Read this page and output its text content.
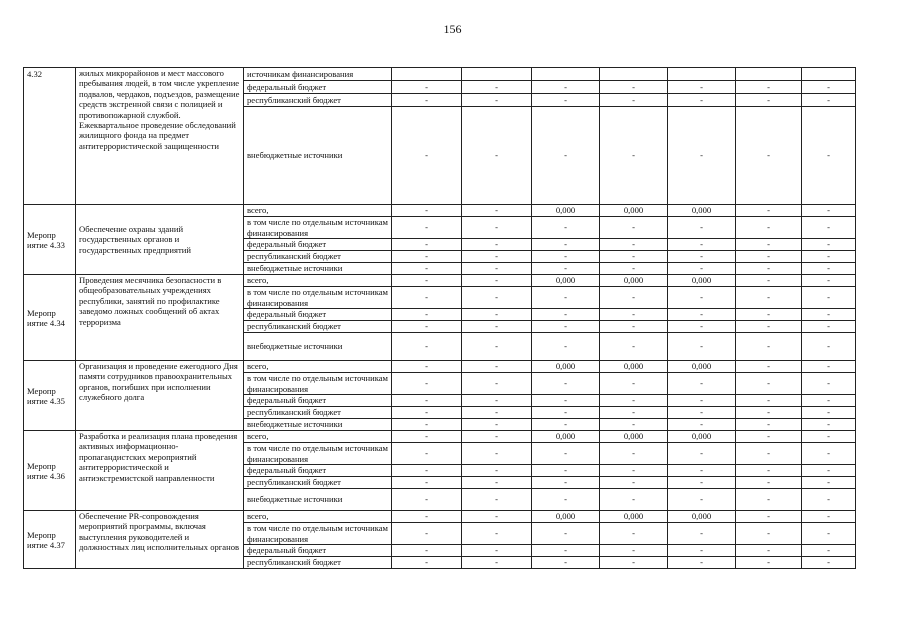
156
4.32	жилых микрорайонов и мест массового пребывания людей, в том числе укрепление подвалов, чердаков, подъездов, размещение средств экстренной связи с полицией и противопожарной службой. Ежеквартальное проведение обследований жилищного фонда на предмет антитеррористической защищенности	источникам финансирования							
		федеральный бюджет	-	-	-	-	-	-	-
		республиканский бюджет	-	-	-	-	-	-	-
		внебюджетные источники	-	-	-	-	-	-	-
Меропр иятие 4.33	Обеспечение охраны зданий государственных органов и государственных предприятий	всего,	-	-	0,000	0,000	0,000	-	-
		в том числе по отдельным источникам финансирования	-	-	-	-	-	-	-
		федеральный бюджет	-	-	-	-	-	-	-
		республиканский бюджет	-	-	-	-	-	-	-
		внебюджетные источники	-	-	-	-	-	-	-
Меропр иятие 4.34	Проведения месячника безопасности в общеобразовательных учреждениях республики, занятий по профилактике заведомо ложных сообщений об актах терроризма	всего,	-	-	0,000	0,000	0,000	-	-
		в том числе по отдельным источникам финансирования	-	-	-	-	-	-	-
		федеральный бюджет	-	-	-	-	-	-	-
		республиканский бюджет	-	-	-	-	-	-	-
		внебюджетные источники	-	-	-	-	-	-	-
Меропр иятие 4.35	Организация и проведение ежегодного Дня памяти сотрудников правоохранительных органов, погибших при исполнении служебного долга	всего,	-	-	0,000	0,000	0,000	-	-
		в том числе по отдельным источникам финансирования	-	-	-	-	-	-	-
		федеральный бюджет	-	-	-	-	-	-	-
		республиканский бюджет	-	-	-	-	-	-	-
		внебюджетные источники	-	-	-	-	-	-	-
Меропр иятие 4.36	Разработка и реализация плана проведения активных информационно-пропагандистских мероприятий антитеррористической и антиэкстремистской направленности	всего,	-	-	0,000	0,000	0,000	-	-
		в том числе по отдельным источникам финансирования	-	-	-	-	-	-	-
		федеральный бюджет	-	-	-	-	-	-	-
		республиканский бюджет	-	-	-	-	-	-	-
		внебюджетные источники	-	-	-	-	-	-	-
Меропр иятие 4.37	Обеспечение PR-сопровождения мероприятий программы, включая выступления руководителей и должностных лиц исполнительных органов	всего,	-	-	0,000	0,000	0,000	-	-
		в том числе по отдельным источникам финансирования	-	-	-	-	-	-	-
		федеральный бюджет	-	-	-	-	-	-	-
		республиканский бюджет	-	-	-	-	-	-	-
